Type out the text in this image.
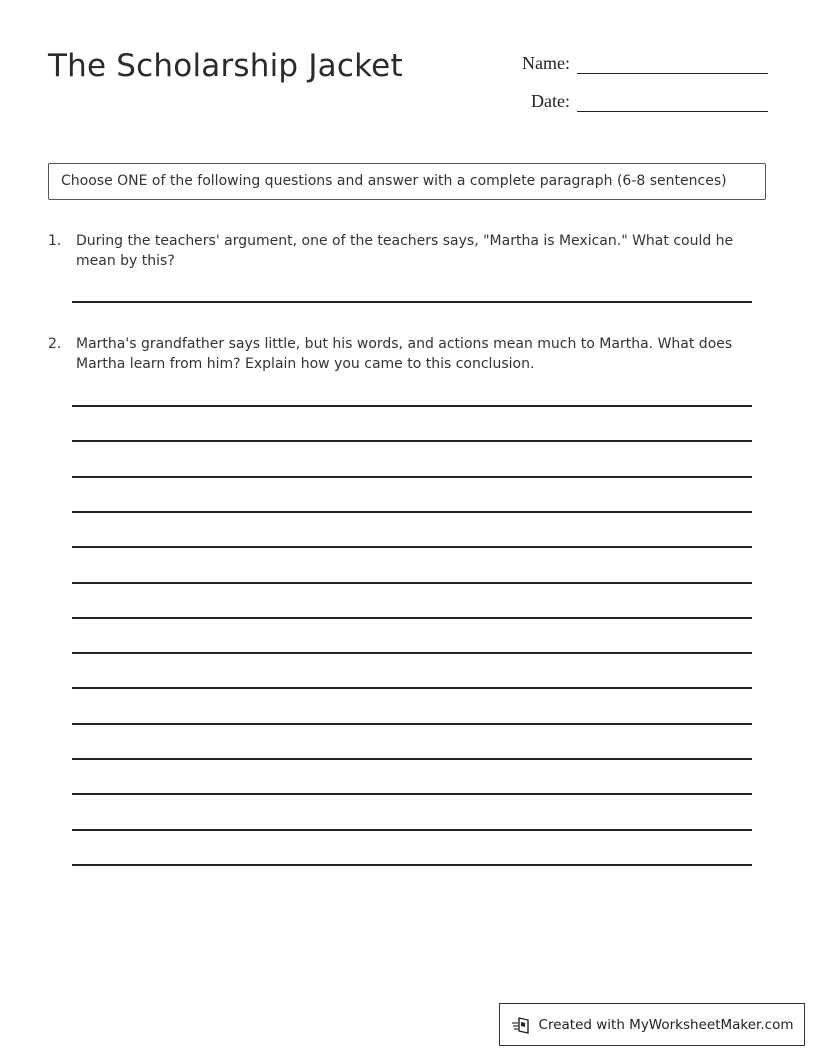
The Scholarship Jacket	Name:
Date:
Choose ONE of the following questions and answer with a complete paragraph (6-8 sentences)
1. During the teachers' argument, one of the teachers says, "Martha is Mexican." What could he mean by this?
2. Martha's grandfather says little, but his words, and actions mean much to Martha. What does Martha learn from him? Explain how you came to this conclusion.
Created with MyWorksheetMaker.com
